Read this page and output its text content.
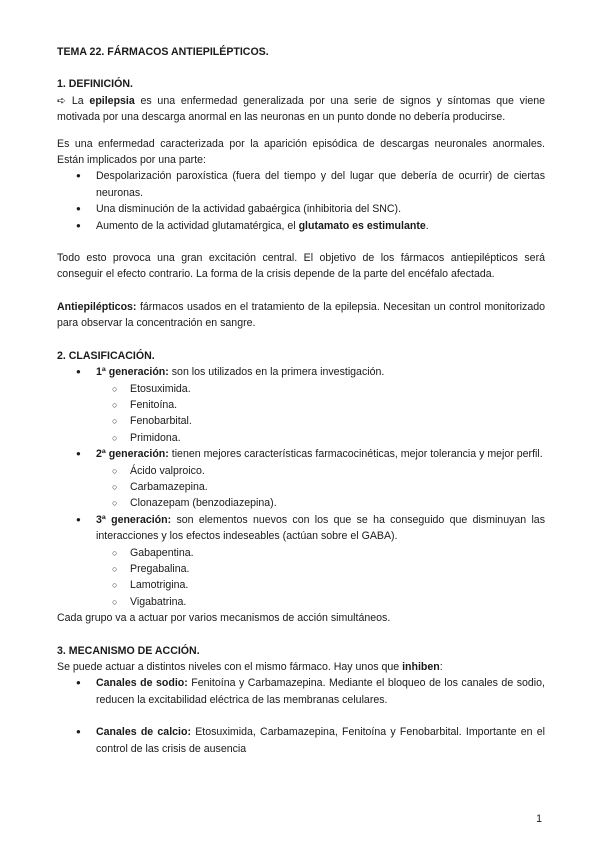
TEMA 22. FÁRMACOS ANTIEPILÉPTICOS.
1. DEFINICIÓN.

➪ La epilepsia es una enfermedad generalizada por una serie de signos y síntomas que viene motivada por una descarga anormal en las neuronas en un punto donde no debería producirse.

Es una enfermedad caracterizada por la aparición episódica de descargas neuronales anormales. Están implicados por una parte:

● Despolarización paroxística (fuera del tiempo y del lugar que debería de ocurrir) de ciertas neuronas.
● Una disminución de la actividad gabaérgica (inhibitoria del SNC).
● Aumento de la actividad glutamatérgica, el glutamato es estimulante.

Todo esto provoca una gran excitación central. El objetivo de los fármacos antiepilépticos será conseguir el efecto contrario. La forma de la crisis depende de la parte del encéfalo afectada.

Antiepilépticos: fármacos usados en el tratamiento de la epilepsia. Necesitan un control monitorizado para observar la concentración en sangre.

2. CLASIFICACIÓN.
● 1ª generación: son los utilizados en la primera investigación.
○ Etosuximida.
○ Fenitoína.
○ Fenobarbital.
○ Primidona.
● 2ª generación: tienen mejores características farmacocinéticas, mejor tolerancia y mejor perfil.
○ Ácido valproico.
○ Carbamazepina.
○ Clonazepam (benzodiazepina).
● 3ª generación: son elementos nuevos con los que se ha conseguido que disminuyan las interacciones y los efectos indeseables (actúan sobre el GABA).
○ Gabapentina.
○ Pregabalina.
○ Lamotrigina.
○ Vigabatrina.

Cada grupo va a actuar por varios mecanismos de acción simultáneos.

3. MECANISMO DE ACCIÓN.

Se puede actuar a distintos niveles con el mismo fármaco. Hay unos que inhiben:

● Canales de sodio: Fenitoína y Carbamazepina. Mediante el bloqueo de los canales de sodio, reducen la excitabilidad eléctrica de las membranas celulares.
● Canales de calcio: Etosuximida, Carbamazepina, Fenitoína y Fenobarbital. Importante en el control de las crisis de ausencia
1
